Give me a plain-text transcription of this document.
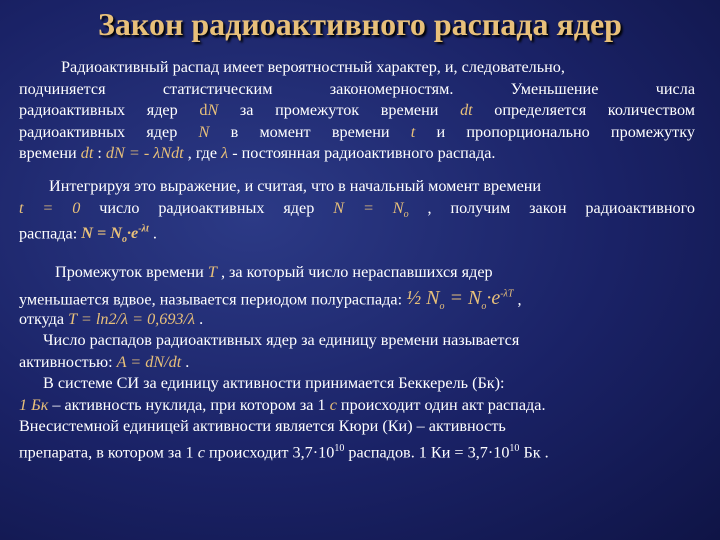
Закон радиоактивного распада ядер
Радиоактивный распад имеет вероятностный характер, и, следовательно,
подчиняется статистическим закономерностям. Уменьшение числа
радиоактивных ядер dN за промежуток времени dt определяется количеством
радиоактивных ядер N в момент времени t и пропорционально промежутку
времени dt : dN = - λNdt , где λ - постоянная радиоактивного распада.
Интегрируя это выражение, и считая, что в начальный момент времени
t = 0 число радиоактивных ядер $N = N_o$ , получим закон радиоактивного
распада: $N = N_o\cdot e^{-\lambda t}$ .
Промежуток времени T , за который число нераспавшихся ядер
уменьшается вдвое, называется периодом полураспада: ½ $N_o = N_o\cdot e^{-\lambda T}$ ,
откуда T = ln2/λ = 0,693/λ .
Число распадов радиоактивных ядер за единицу времени называется
активностью: A = dN/dt .
В системе СИ за единицу активности принимается Беккерель (Бк):
1 Бк – активность нуклида, при котором за 1 с происходит один акт распада.
Внесистемной единицей активности является Кюри (Ки) – активность
препарата, в котором за 1 с происходит $3,7\cdot 10^{10}$ распадов. 1 Ки = $3,7\cdot 10^{10}$ Бк .
